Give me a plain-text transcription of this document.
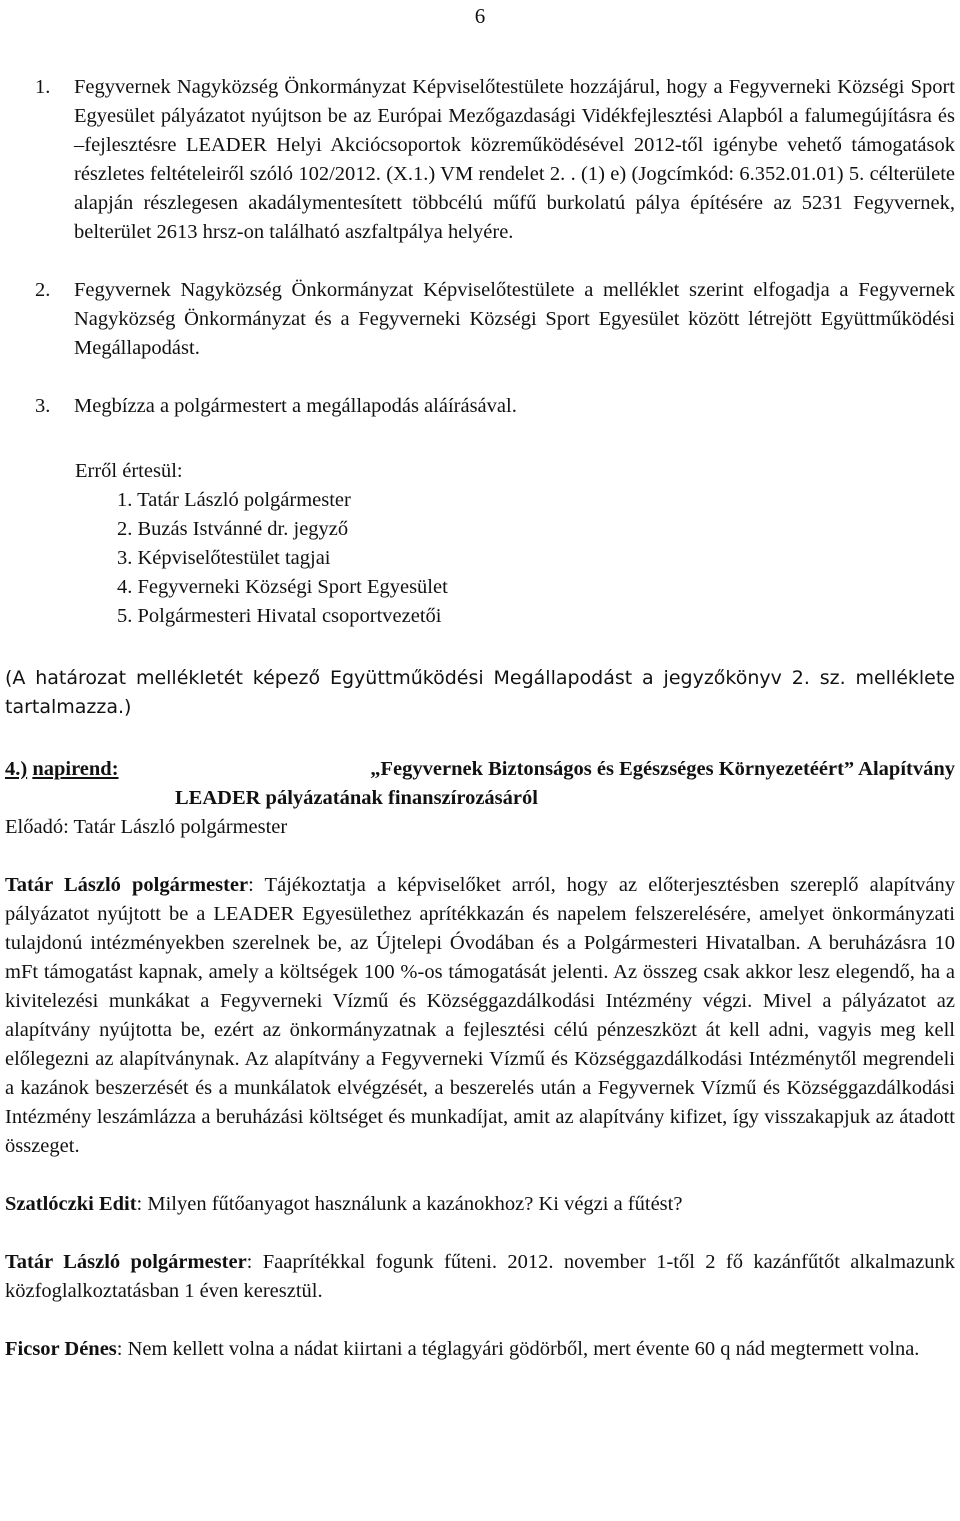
6
1.	Fegyvernek Nagyközség Önkormányzat Képviselőtestülete hozzájárul, hogy a Fegyverneki Községi Sport Egyesület pályázatot nyújtson be az Európai Mezőgazdasági Vidékfejlesztési Alapból a falumegújításra és –fejlesztésre LEADER Helyi Akciócsoportok közreműködésével 2012-től igénybe vehető támogatások részletes feltételeiről szóló 102/2012. (X.1.) VM rendelet 2. . (1) e) (Jogcímkód: 6.352.01.01) 5. célterülete alapján részlegesen akadálymentesített többcélú műfű burkolatú pálya építésére az 5231 Fegyvernek, belterület 2613 hrsz-on található aszfaltpálya helyére.

2.	Fegyvernek Nagyközség Önkormányzat Képviselőtestülete a melléklet szerint elfogadja a Fegyvernek Nagyközség Önkormányzat és a Fegyverneki Községi Sport Egyesület között létrejött Együttműködési Megállapodást.

3.	Megbízza a polgármestert a megállapodás aláírásával.

Erről értesül:

1. Tatár László polgármester
2. Buzás Istvánné dr. jegyző
3. Képviselőtestület tagjai
4. Fegyverneki Községi Sport Egyesület
5. Polgármesteri Hivatal csoportvezetői

(A határozat mellékletét képező Együttműködési Megállapodást a jegyzőkönyv 2. sz. melléklete tartalmazza.)

4.) napirend:	„Fegyvernek Biztonságos és Egészséges Környezetéért” Alapítvány
LEADER pályázatának finanszírozásáról

Előadó: Tatár László polgármester

Tatár László polgármester: Tájékoztatja a képviselőket arról, hogy az előterjesztésben szereplő alapítvány pályázatot nyújtott be a LEADER Egyesülethez aprítékkazán és napelem felszerelésére, amelyet önkormányzati tulajdonú intézményekben szerelnek be, az Újtelepi Óvodában és a Polgármesteri Hivatalban. A beruházásra 10 mFt támogatást kapnak, amely a költségek 100 %-os támogatását jelenti. Az összeg csak akkor lesz elegendő, ha a kivitelezési munkákat a Fegyverneki Vízmű és Községgazdálkodási Intézmény végzi. Mivel a pályázatot az alapítvány nyújtotta be, ezért az önkormányzatnak a fejlesztési célú pénzeszközt át kell adni, vagyis meg kell előlegezni az alapítványnak. Az alapítvány a Fegyverneki Vízmű és Községgazdálkodási Intézménytől megrendeli a kazánok beszerzését és a munkálatok elvégzését, a beszerelés után a Fegyvernek Vízmű és Községgazdálkodási Intézmény leszámlázza a beruházási költséget és munkadíjat, amit az alapítvány kifizet, így visszakapjuk az átadott összeget.

Szatlóczki Edit: Milyen fűtőanyagot használunk a kazánokhoz? Ki végzi a fűtést?

Tatár László polgármester: Faaprítékkal fogunk fűteni. 2012. november 1-től 2 fő kazánfűtőt alkalmazunk közfoglalkoztatásban 1 éven keresztül.

Ficsor Dénes: Nem kellett volna a nádat kiirtani a téglagyári gödörből, mert évente 60 q nád megtermett volna.
